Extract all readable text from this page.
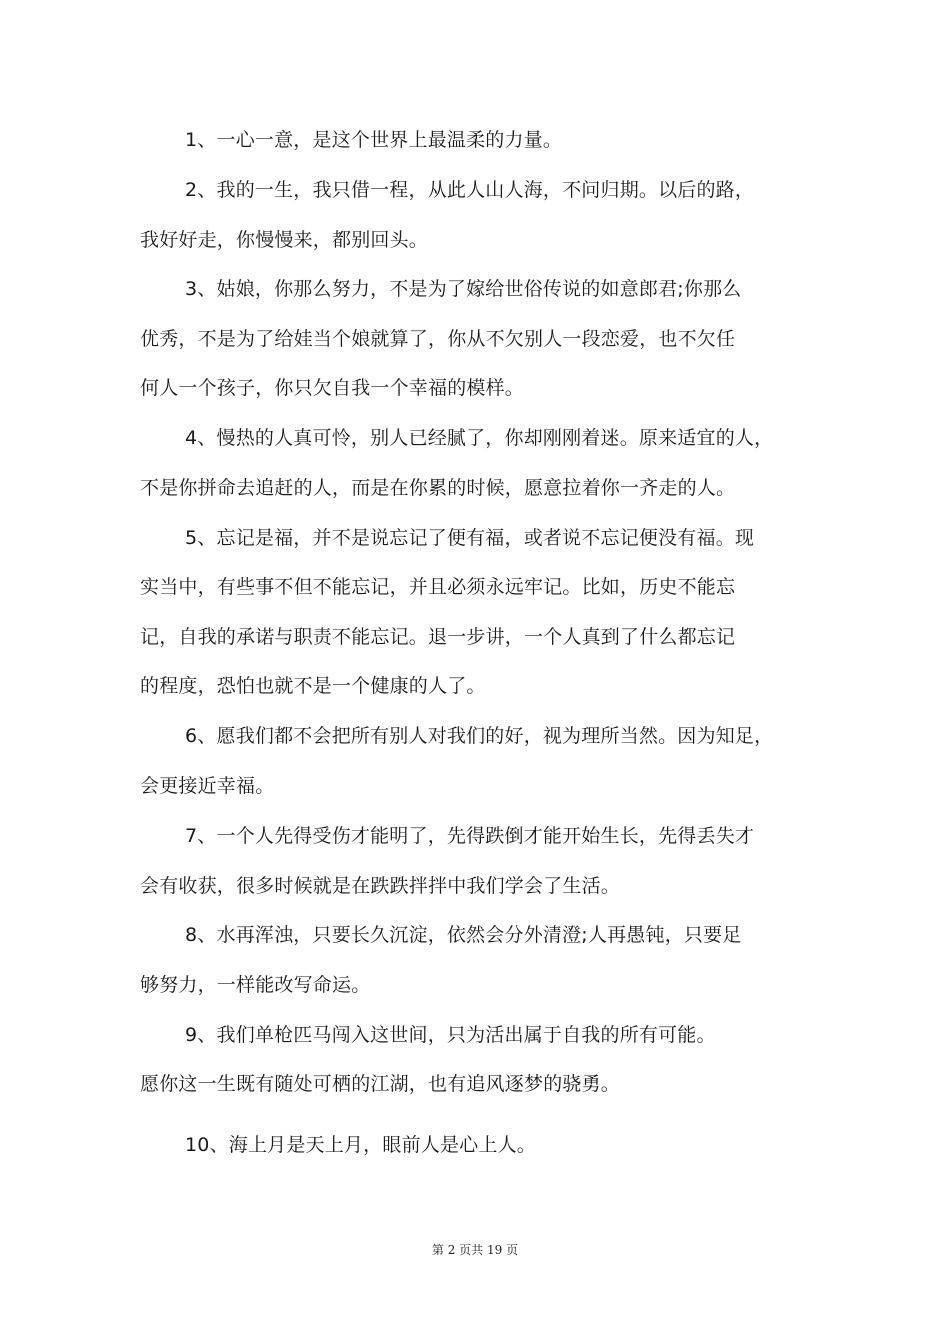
1、一心一意，是这个世界上最温柔的力量。
2、我的一生，我只借一程，从此人山人海，不问归期。以后的路，
我好好走，你慢慢来，都别回头。
3、姑娘，你那么努力，不是为了嫁给世俗传说的如意郎君;你那么
优秀，不是为了给娃当个娘就算了，你从不欠别人一段恋爱，也不欠任
何人一个孩子，你只欠自我一个幸福的模样。
4、慢热的人真可怜，别人已经腻了，你却刚刚着迷。原来适宜的人，
不是你拼命去追赶的人，而是在你累的时候，愿意拉着你一齐走的人。
5、忘记是福，并不是说忘记了便有福，或者说不忘记便没有福。现
实当中，有些事不但不能忘记，并且必须永远牢记。比如，历史不能忘
记，自我的承诺与职责不能忘记。退一步讲，一个人真到了什么都忘记
的程度，恐怕也就不是一个健康的人了。
6、愿我们都不会把所有别人对我们的好，视为理所当然。因为知足，
会更接近幸福。
7、一个人先得受伤才能明了，先得跌倒才能开始生长，先得丢失才
会有收获，很多时候就是在跌跌拌拌中我们学会了生活。
8、水再浑浊，只要长久沉淀，依然会分外清澄;人再愚钝，只要足
够努力，一样能改写命运。
9、我们单枪匹马闯入这世间，只为活出属于自我的所有可能。
愿你这一生既有随处可栖的江湖，也有追风逐梦的骁勇。
10、海上月是天上月，眼前人是心上人。
第 2 页共 19 页
